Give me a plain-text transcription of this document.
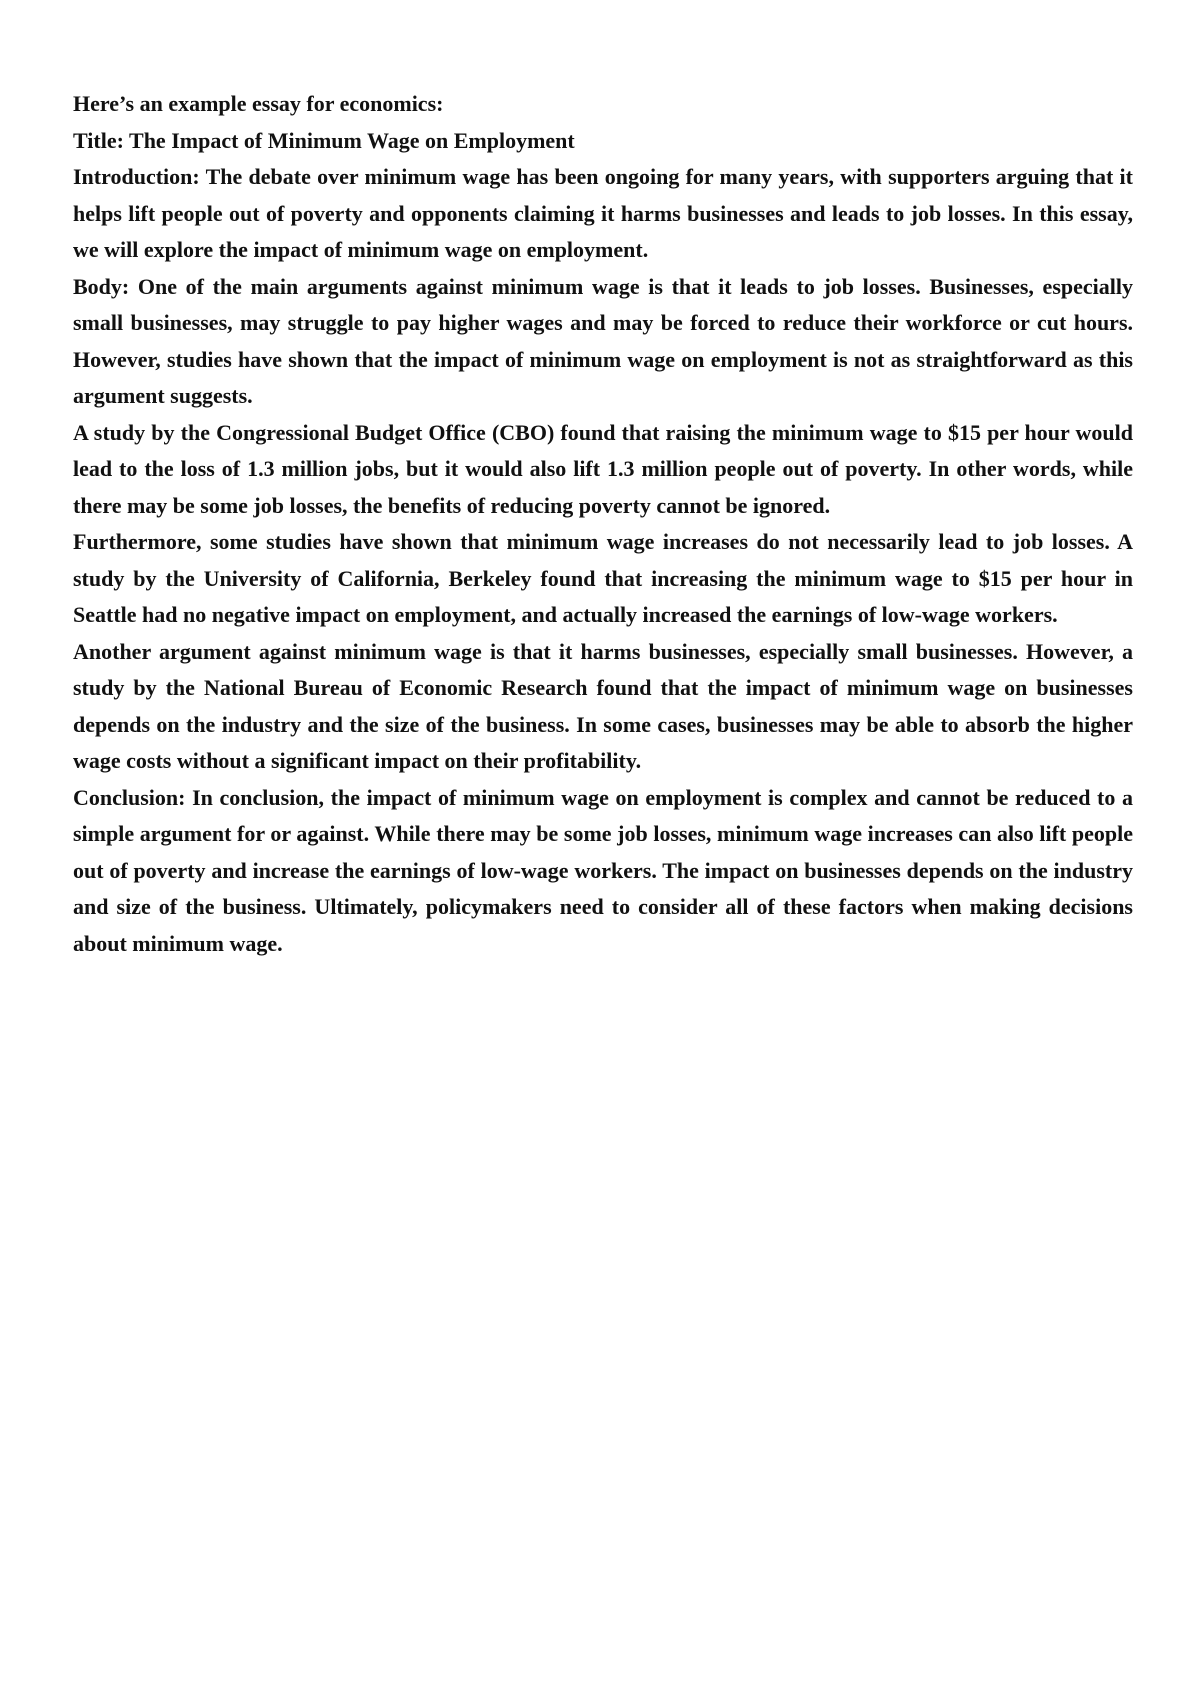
Here’s an example essay for economics:

Title: The Impact of Minimum Wage on Employment

Introduction: The debate over minimum wage has been ongoing for many years, with supporters arguing that it helps lift people out of poverty and opponents claiming it harms businesses and leads to job losses. In this essay, we will explore the impact of minimum wage on employment.

Body: One of the main arguments against minimum wage is that it leads to job losses. Businesses, especially small businesses, may struggle to pay higher wages and may be forced to reduce their workforce or cut hours. However, studies have shown that the impact of minimum wage on employment is not as straightforward as this argument suggests.

A study by the Congressional Budget Office (CBO) found that raising the minimum wage to $15 per hour would lead to the loss of 1.3 million jobs, but it would also lift 1.3 million people out of poverty. In other words, while there may be some job losses, the benefits of reducing poverty cannot be ignored.

Furthermore, some studies have shown that minimum wage increases do not necessarily lead to job losses. A study by the University of California, Berkeley found that increasing the minimum wage to $15 per hour in Seattle had no negative impact on employment, and actually increased the earnings of low-wage workers.

Another argument against minimum wage is that it harms businesses, especially small businesses. However, a study by the National Bureau of Economic Research found that the impact of minimum wage on businesses depends on the industry and the size of the business. In some cases, businesses may be able to absorb the higher wage costs without a significant impact on their profitability.

Conclusion: In conclusion, the impact of minimum wage on employment is complex and cannot be reduced to a simple argument for or against. While there may be some job losses, minimum wage increases can also lift people out of poverty and increase the earnings of low-wage workers. The impact on businesses depends on the industry and size of the business. Ultimately, policymakers need to consider all of these factors when making decisions about minimum wage.
